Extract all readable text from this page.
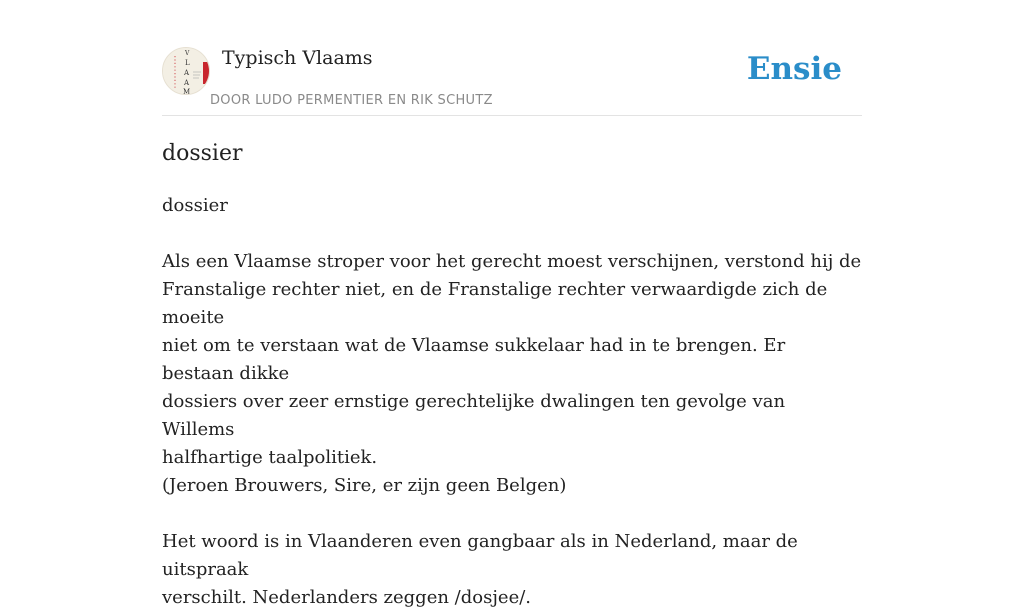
V
L
A
A
M
Typisch Vlaams
DOOR LUDO PERMENTIER EN RIK SCHUTZ
Ensie
dossier

dossier

Als een Vlaamse stroper voor het gerecht moest verschijnen, verstond hij de
Franstalige rechter niet, en de Franstalige rechter verwaardigde zich de moeite
niet om te verstaan wat de Vlaamse sukkelaar had in te brengen. Er bestaan dikke
dossiers over zeer ernstige gerechtelijke dwalingen ten gevolge van Willems
halfhartige taalpolitiek.
(Jeroen Brouwers, Sire, er zijn geen Belgen)

Het woord is in Vlaanderen even gangbaar als in Nederland, maar de uitspraak
verschilt. Nederlanders zeggen /dosjee/.
